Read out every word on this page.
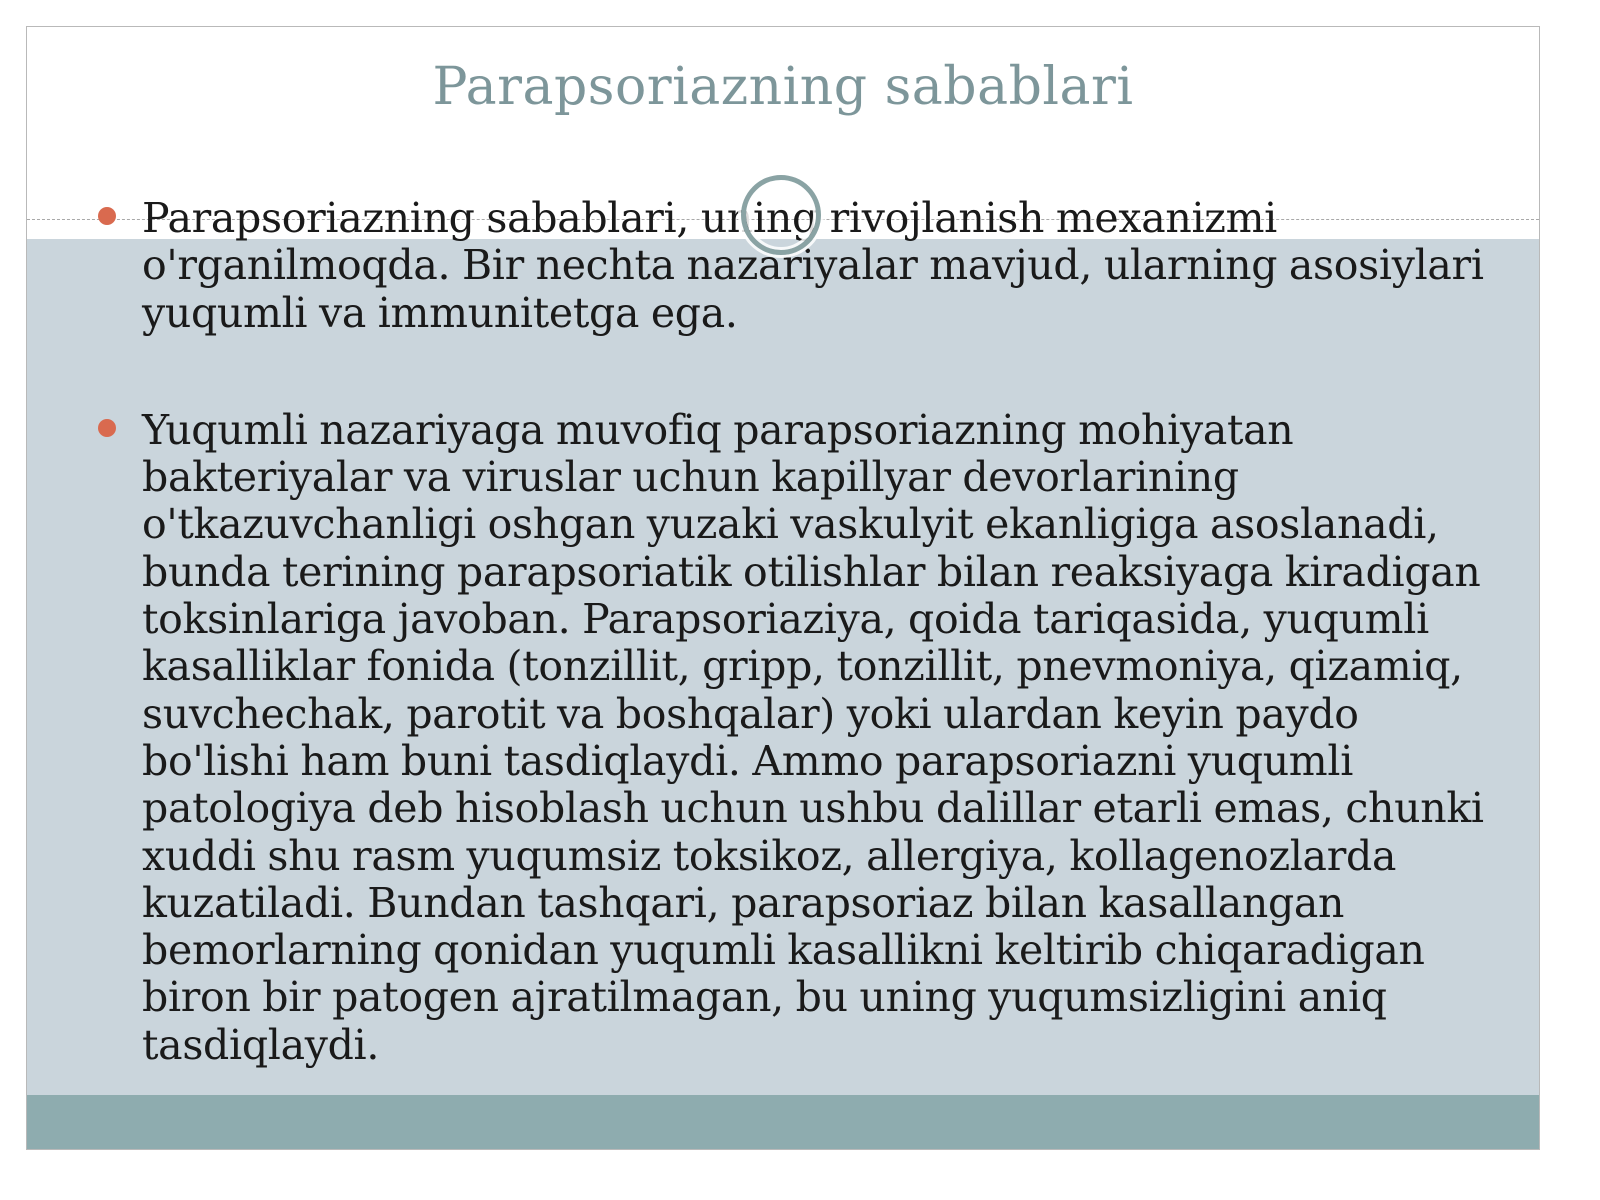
Parapsoriazning sabablari
Parapsoriazning sabablari, uning rivojlanish mexanizmi o'rganilmoqda. Bir nechta nazariyalar mavjud, ularning asosiylari yuqumli va immunitetga ega.
Yuqumli nazariyaga muvofiq parapsoriazning mohiyatan bakteriyalar va viruslar uchun kapillyar devorlarining o'tkazuvchanligi oshgan yuzaki vaskulyit ekanligiga asoslanadi, bunda terining parapsoriatik otilishlar bilan reaksiyaga kiradigan toksinlariga javoban. Parapsoriaziya, qoida tariqasida, yuqumli kasalliklar fonida (tonzillit, gripp, tonzillit, pnevmoniya, qizamiq, suvchechak, parotit va boshqalar) yoki ulardan keyin paydo bo'lishi ham buni tasdiqlaydi. Ammo parapsoriazni yuqumli patologiya deb hisoblash uchun ushbu dalillar etarli emas, chunki xuddi shu rasm yuqumsiz toksikoz, allergiya, kollagenozlarda kuzatiladi. Bundan tashqari, parapsoriaz bilan kasallangan bemorlarning qonidan yuqumli kasallikni keltirib chiqaradigan biron bir patogen ajratilmagan, bu uning yuqumsizligini aniq tasdiqlaydi.
